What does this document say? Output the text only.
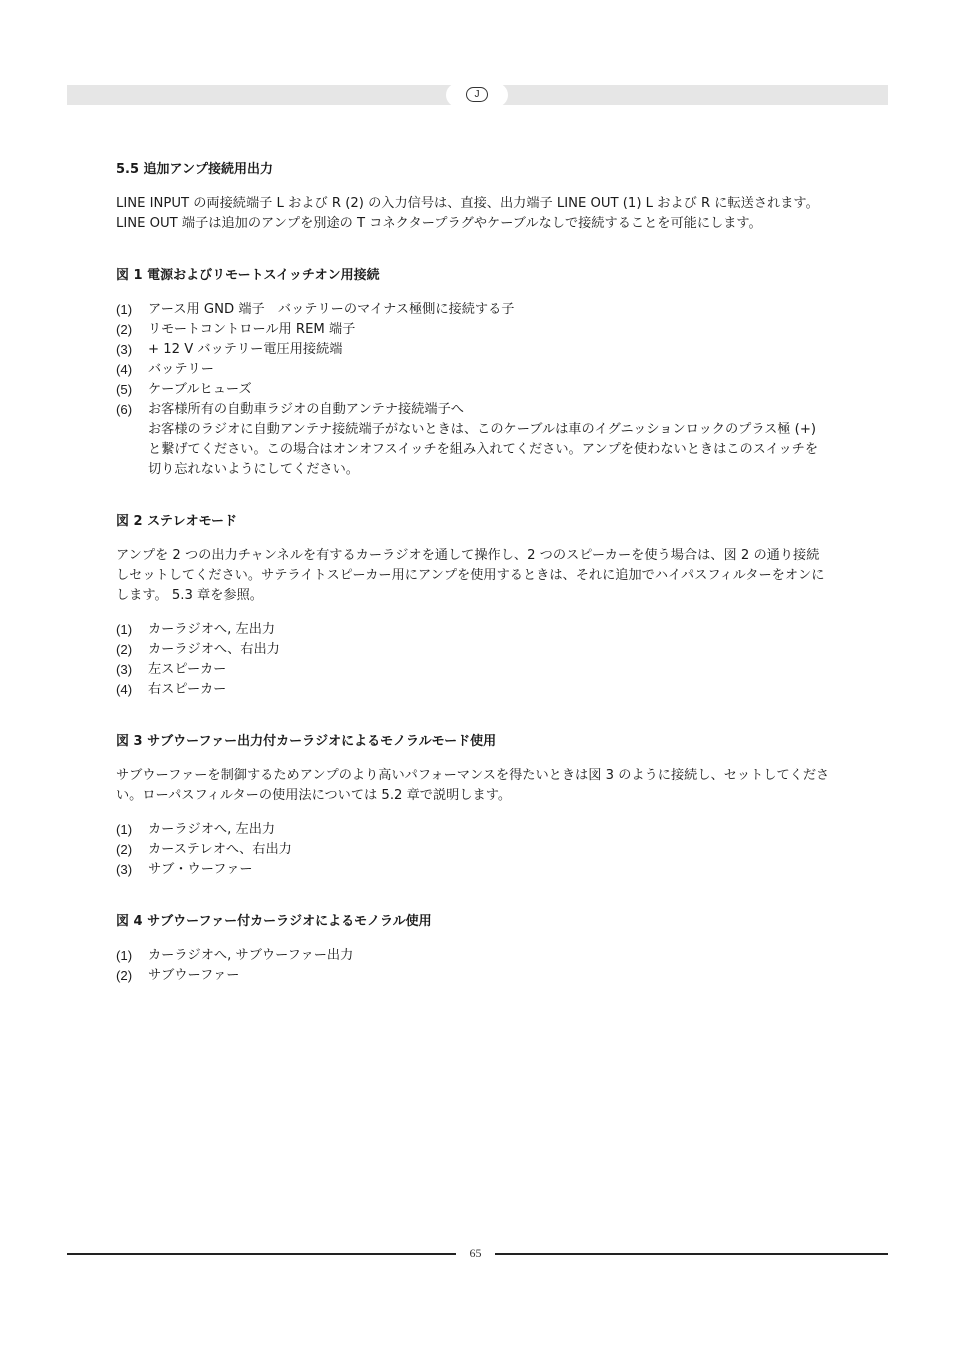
J

5.5 追加アンプ接続用出力

LINE INPUT の両接続端子 L および R (2) の入力信号は、直接、出力端子 LINE OUT (1) L および R に転送されます。LINE OUT 端子は追加のアンプを別途の T コネクタープラグやケーブルなしで接続することを可能にします。

図 1 電源およびリモートスイッチオン用接続

(1)	アース用 GND 端子　バッテリーのマイナス極側に接続する子
(2)	リモートコントロール用 REM 端子
(3)	+ 12 V バッテリー電圧用接続端
(4)	バッテリー
(5)	ケーブルヒューズ
(6)	お客様所有の自動車ラジオの自動アンテナ接続端子へ
お客様のラジオに自動アンテナ接続端子がないときは、このケーブルは車のイグニッションロックのプラス極 (+) と繋げてください。この場合はオンオフスイッチを組み入れてください。アンプを使わないときはこのスイッチを切り忘れないようにしてください。

図 2 ステレオモード

アンプを 2 つの出力チャンネルを有するカーラジオを通して操作し、2 つのスピーカーを使う場合は、図 2 の通り接続しセットしてください。サテライトスピーカー用にアンプを使用するときは、それに追加でハイパスフィルターをオンにします。 5.3 章を参照。

(1)	カーラジオへ, 左出力
(2)	カーラジオへ、右出力
(3)	左スピーカー
(4)	右スピーカー

図 3 サブウーファー出力付カーラジオによるモノラルモード使用

サブウーファーを制御するためアンプのより高いパフォーマンスを得たいときは図 3 のように接続し、セットしてください。ローパスフィルターの使用法については 5.2 章で説明します。

(1)	カーラジオへ, 左出力
(2)	カーステレオへ、右出力
(3)	サブ・ウーファー

図 4 サブウーファー付カーラジオによるモノラル使用

(1)	カーラジオへ, サブウーファー出力
(2)	サブウーファー
65
